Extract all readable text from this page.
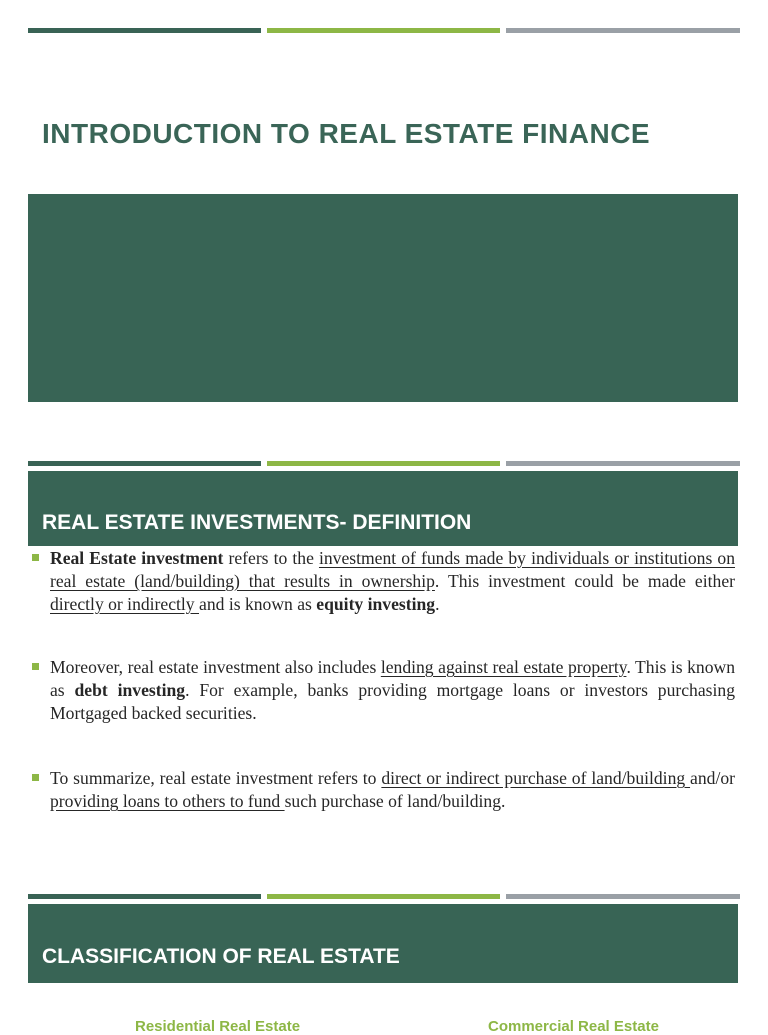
INTRODUCTION TO REAL ESTATE FINANCE
REAL ESTATE INVESTMENTS- DEFINITION
Real Estate investment refers to the investment of funds made by individuals or institutions on real estate (land/building) that results in ownership. This investment could be made either directly or indirectly and is known as equity investing.
Moreover, real estate investment also includes lending against real estate property. This is known as debt investing. For example, banks providing mortgage loans or investors purchasing Mortgaged backed securities.
To summarize, real estate investment refers to direct or indirect purchase of land/building and/or providing loans to others to fund such purchase of land/building.
CLASSIFICATION OF REAL ESTATE
Residential Real Estate	Commercial Real Estate
